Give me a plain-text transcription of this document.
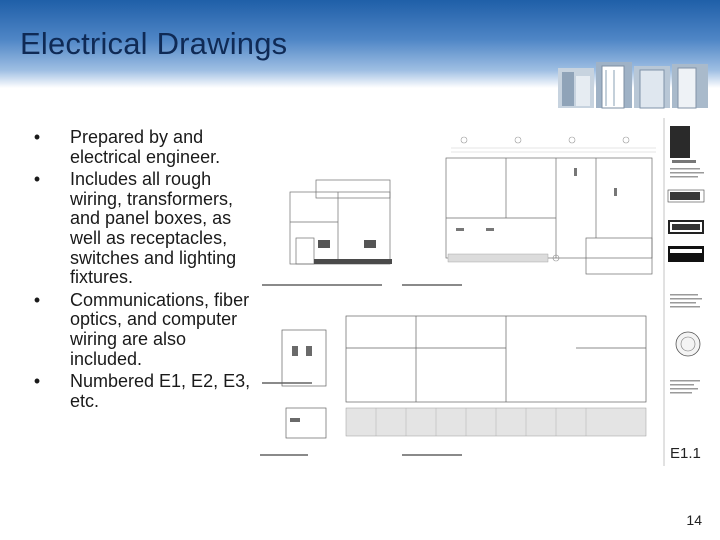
Electrical Drawings
• Prepared by and electrical engineer.
• Includes all rough wiring, transformers, and panel boxes, as well as receptacles, switches and lighting fixtures.
• Communications, fiber optics, and computer wiring are also included.
• Numbered E1, E2, E3, etc.
E1.1
14
